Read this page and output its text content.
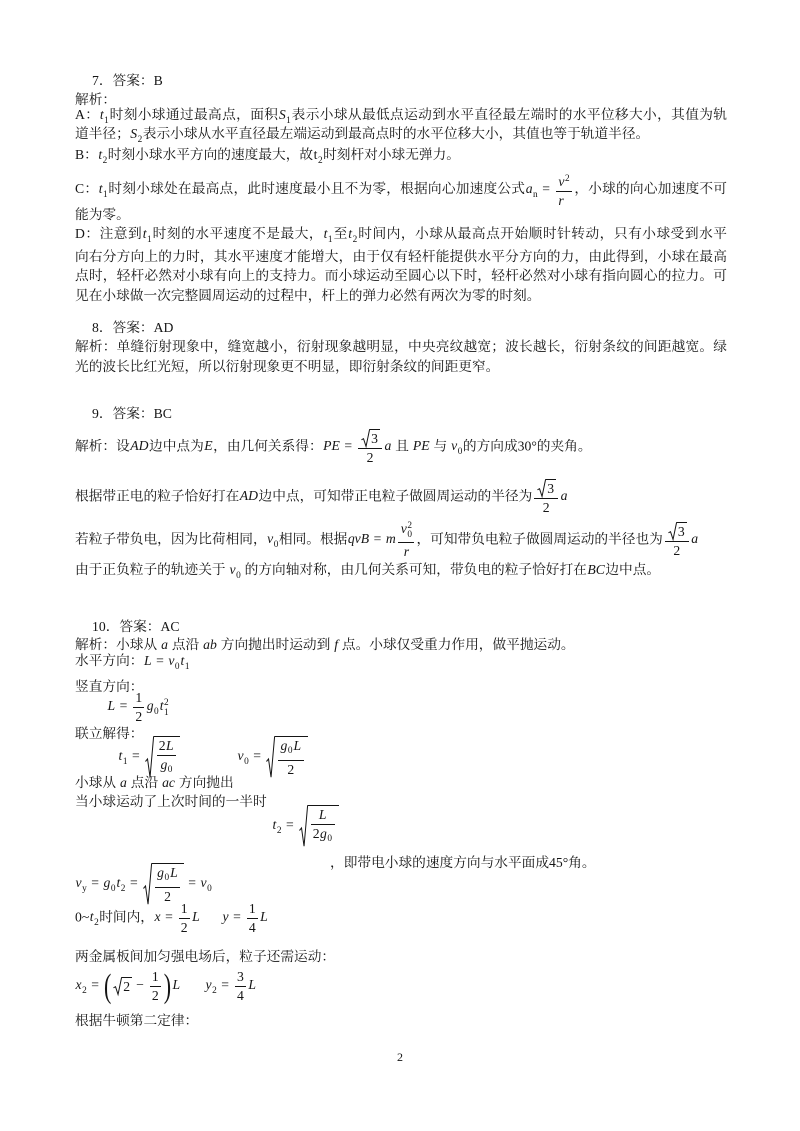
7．答案：B
解析：
A：$t_1$时刻小球通过最高点，面积$S_1$表示小球从最低点运动到水平直径最左端时的水平位移大小，其值为轨
道半径；$S_2$表示小球从水平直径最左端运动到最高点时的水平位移大小，其值也等于轨道半径。
B：$t_2$时刻小球水平方向的速度最大，故$t_2$时刻杆对小球无弹力。
C：$t_1$时刻小球处在最高点，此时速度最小且不为零，根据向心加速度公式$a_n = \frac{v^2}{r}$ ，小球的向心加速度不可
能为零。
D：注意到$t_1$时刻的水平速度不是最大，$t_1$至$t_2$时间内，小球从最高点开始顺时针转动，只有小球受到水平
向右分方向上的力时，其水平速度才能增大，由于仅有轻杆能提供水平分方向的力，由此得到，小球在最高
点时，轻杆必然对小球有向上的支持力。而小球运动至圆心以下时，轻杆必然对小球有指向圆心的拉力。可
见在小球做一次完整圆周运动的过程中，杆上的弹力必然有两次为零的时刻。
8．答案：AD
解析：单缝衍射现象中，缝宽越小，衍射现象越明显，中央亮纹越宽；波长越长，衍射条纹的间距越宽。绿
光的波长比红光短，所以衍射现象更不明显，即衍射条纹的间距更窄。
9．答案：BC
解析：设AD边中点为E，由几何关系得：PE = $\frac{3}{2}$ a 且 PE 与 $v_0$的方向成30°的夹角。
根据带正电的粒子恰好打在AD边中点，可知带正电粒子做圆周运动的半径为 $\frac{3}{2}$ a
若粒子带负电，因为比荷相同，$v_0$相同。根据qvB = m v 2
0
r ，可知带负电粒子做圆周运动的半径也为 $\frac{3}{2}$ a
由于正负粒子的轨迹关于 $v_0$ 的方向轴对称，由几何关系可知，带负电的粒子恰好打在BC边中点。
10．答案：AC
解析：小球从 a 点沿 ab 方向抛出时运动到 f 点。小球仅受重力作用，做平抛运动。
水平方向：$L = v_0t_1$
竖直方向：
$L = \frac{1}{2} g_0t$ 2
1
联立解得：
$t_1 = \frac{2L}{g_0}$	$v_0 = \frac{g_0L}{2}$
小球从 a 点沿 ac 方向抛出
当小球运动了上次时间的一半时
$t_2 = \frac{L}{2g_0}$
，即带电小球的速度方向与水平面成45°角。
$v_y = g_0t_2 = \frac{g_0L}{2} = v_0$
$0\sim t_2$时间内，$x = \frac{1}{2}$ L $y = \frac{1}{4}$ L
两金属板间加匀强电场后，粒子还需运动：
$x_2$ = ( $2 - \frac{1}{2}$ ) L $y_2 = \frac{3}{4}$ L
根据牛顿第二定律：
2
